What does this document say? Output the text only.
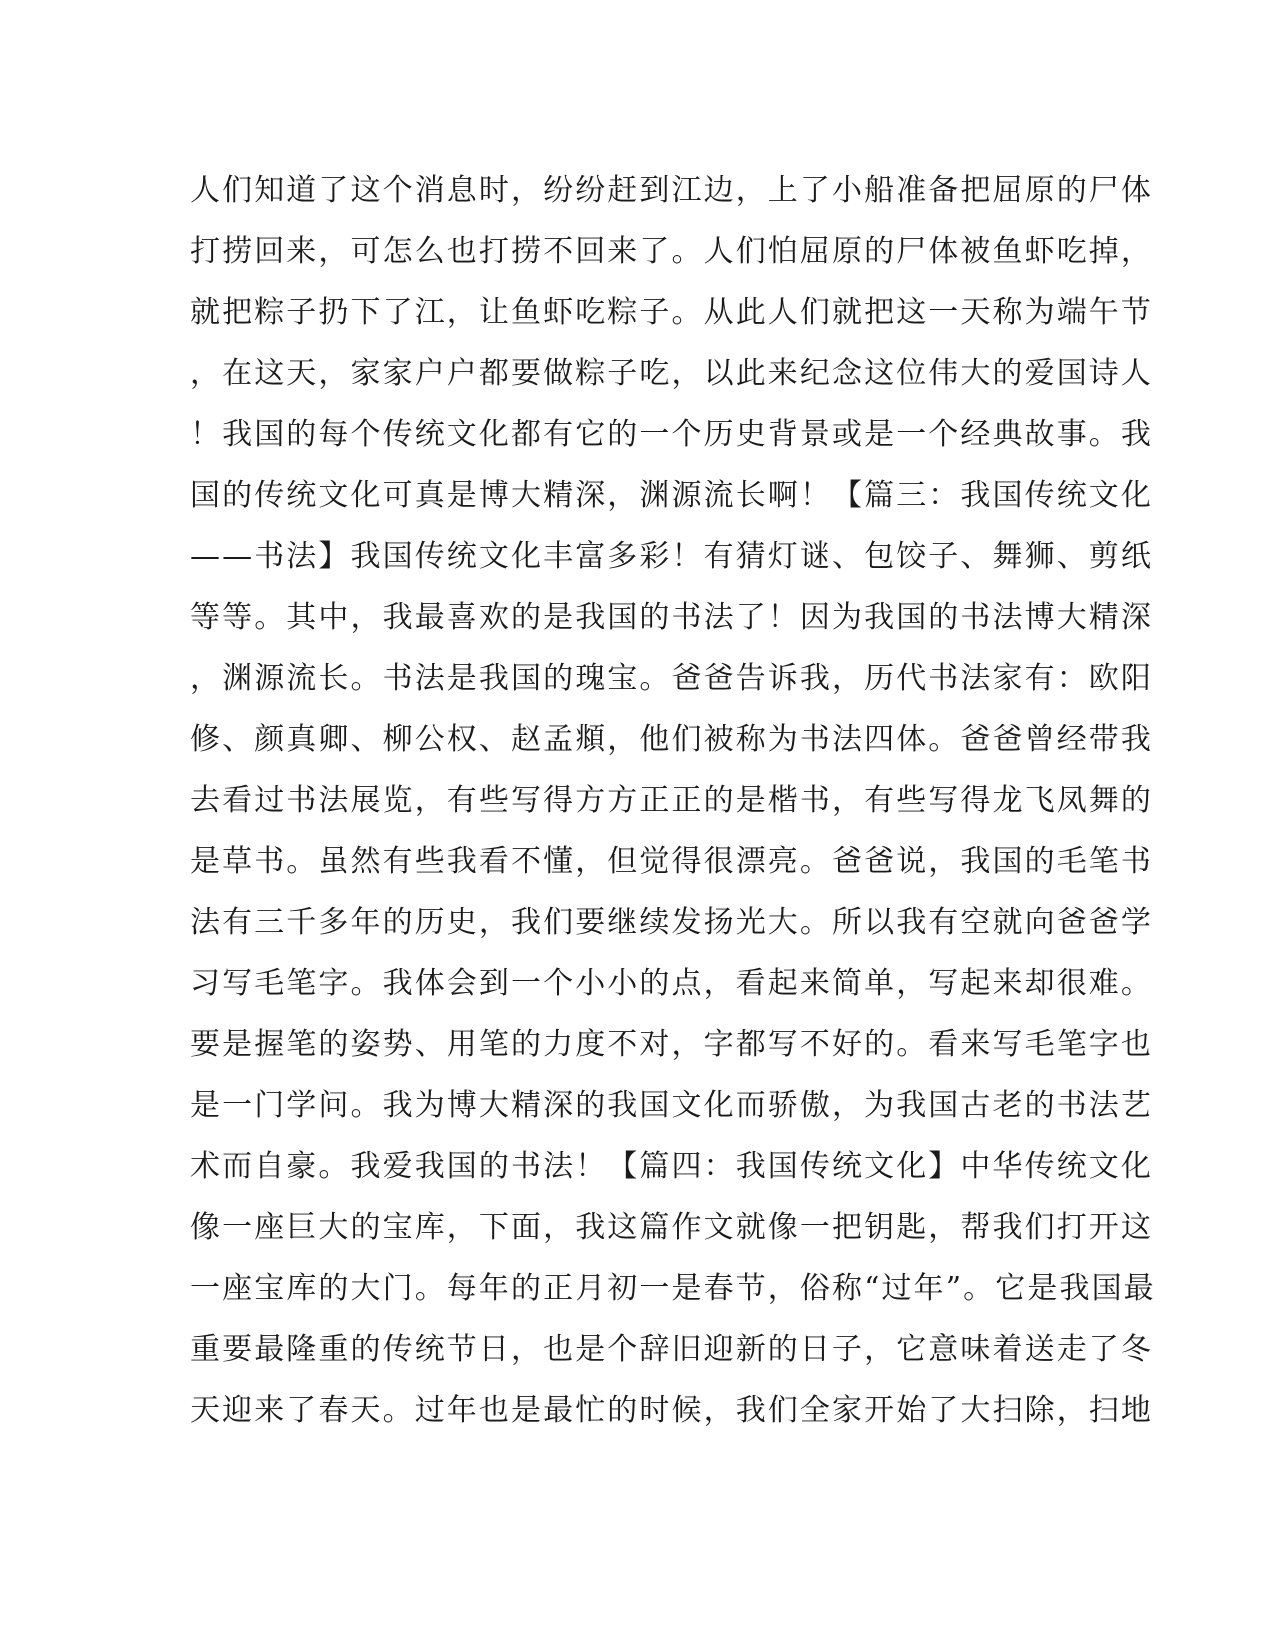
人们知道了这个消息时，纷纷赶到江边，上了小船准备把屈原的尸体
打捞回来，可怎么也打捞不回来了。人们怕屈原的尸体被鱼虾吃掉，
就把粽子扔下了江，让鱼虾吃粽子。从此人们就把这一天称为端午节
，在这天，家家户户都要做粽子吃，以此来纪念这位伟大的爱国诗人
！我国的每个传统文化都有它的一个历史背景或是一个经典故事。我
国的传统文化可真是博大精深，渊源流长啊！【篇三：我国传统文化
——书法】我国传统文化丰富多彩！有猜灯谜、包饺子、舞狮、剪纸
等等。其中，我最喜欢的是我国的书法了！因为我国的书法博大精深
，渊源流长。书法是我国的瑰宝。爸爸告诉我，历代书法家有：欧阳
修、颜真卿、柳公权、赵孟頫，他们被称为书法四体。爸爸曾经带我
去看过书法展览，有些写得方方正正的是楷书，有些写得龙飞凤舞的
是草书。虽然有些我看不懂，但觉得很漂亮。爸爸说，我国的毛笔书
法有三千多年的历史，我们要继续发扬光大。所以我有空就向爸爸学
习写毛笔字。我体会到一个小小的点，看起来简单，写起来却很难。
要是握笔的姿势、用笔的力度不对，字都写不好的。看来写毛笔字也
是一门学问。我为博大精深的我国文化而骄傲，为我国古老的书法艺
术而自豪。我爱我国的书法！【篇四：我国传统文化】中华传统文化
像一座巨大的宝库，下面，我这篇作文就像一把钥匙，帮我们打开这
一座宝库的大门。每年的正月初一是春节，俗称“过年”。它是我国最
重要最隆重的传统节日，也是个辞旧迎新的日子，它意味着送走了冬
天迎来了春天。过年也是最忙的时候，我们全家开始了大扫除，扫地
